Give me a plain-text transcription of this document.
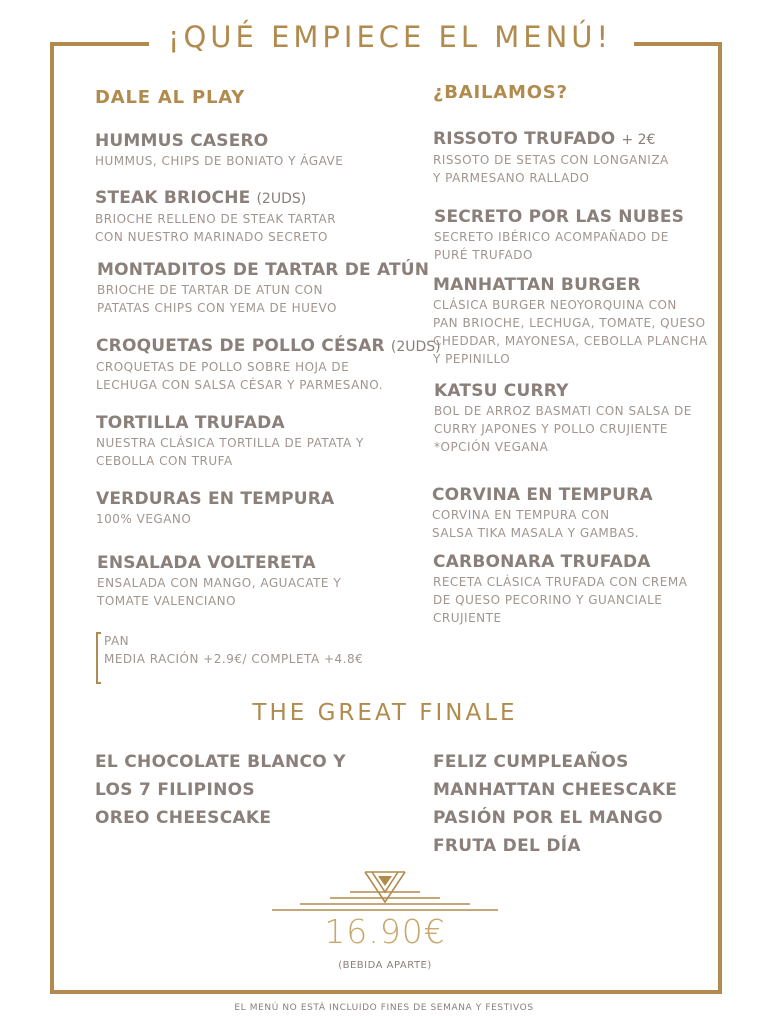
¡QUÉ EMPIECE EL MENÚ!
DALE AL PLAY	¿BAILAMOS?
HUMMUS CASERO
HUMMUS, CHIPS DE BONIATO Y ÁGAVE
STEAK BRIOCHE (2UDS)
BRIOCHE RELLENO DE STEAK TARTAR
CON NUESTRO MARINADO SECRETO
MONTADITOS DE TARTAR DE ATÚN
BRIOCHE DE TARTAR DE ATUN CON
PATATAS CHIPS CON YEMA DE HUEVO
CROQUETAS DE POLLO CÉSAR (2UDS)
CROQUETAS DE POLLO SOBRE HOJA DE
LECHUGA CON SALSA CÉSAR Y PARMESANO.
TORTILLA TRUFADA
NUESTRA CLÁSICA TORTILLA DE PATATA Y
CEBOLLA CON TRUFA
VERDURAS EN TEMPURA
100% VEGANO
ENSALADA VOLTERETA
ENSALADA CON MANGO, AGUACATE Y
TOMATE VALENCIANO
RISSOTO TRUFADO + 2€
RISSOTO DE SETAS CON LONGANIZA
Y PARMESANO RALLADO
SECRETO POR LAS NUBES
SECRETO IBÉRICO ACOMPAÑADO DE
PURÉ TRUFADO
MANHATTAN BURGER
CLÁSICA BURGER NEOYORQUINA CON
PAN BRIOCHE, LECHUGA, TOMATE, QUESO
CHEDDAR, MAYONESA, CEBOLLA PLANCHA
Y PEPINILLO
KATSU CURRY
BOL DE ARROZ BASMATI CON SALSA DE
CURRY JAPONES Y POLLO CRUJIENTE
*OPCIÓN VEGANA
CORVINA EN TEMPURA
CORVINA EN TEMPURA CON
SALSA TIKA MASALA Y GAMBAS.
CARBONARA TRUFADA
RECETA CLÁSICA TRUFADA CON CREMA
DE QUESO PECORINO Y GUANCIALE
CRUJIENTE
PAN
MEDIA RACIÓN +2.9€/ COMPLETA +4.8€
THE GREAT FINALE
EL CHOCOLATE BLANCO Y
LOS 7 FILIPINOS
OREO CHEESCAKE
FELIZ CUMPLEAÑOS
MANHATTAN CHEESCAKE
PASIÓN POR EL MANGO
FRUTA DEL DÍA
16.90€
(BEBIDA APARTE)
EL MENÚ NO ESTÁ INCLUIDO FINES DE SEMANA Y FESTIVOS
